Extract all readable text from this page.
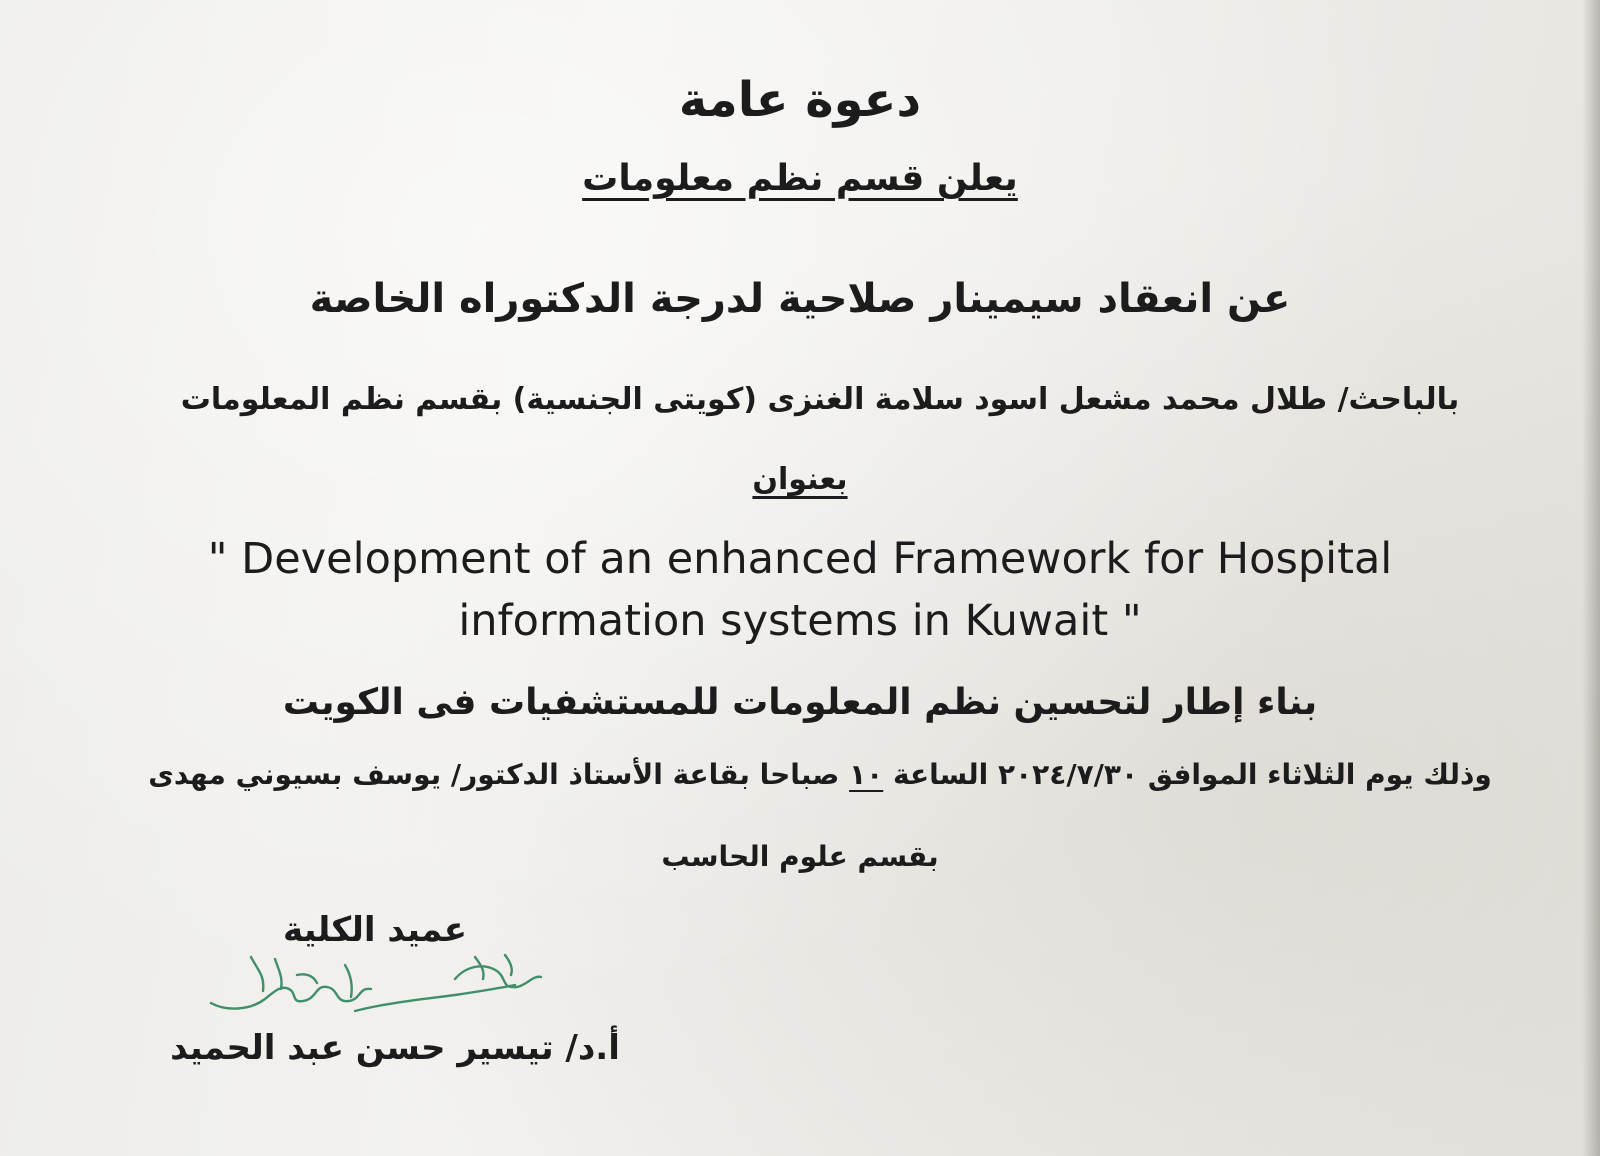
دعوة عامة
يعلن قسم نظم معلومات
عن انعقاد سيمينار صلاحية لدرجة الدكتوراه الخاصة
بالباحث/ طلال محمد مشعل اسود سلامة الغنزى (كويتى الجنسية) بقسم نظم المعلومات
بعنوان
" Development of an enhanced Framework for Hospital
information systems in Kuwait "
بناء إطار لتحسين نظم المعلومات للمستشفيات فى الكويت
وذلك يوم الثلاثاء الموافق ٢٠٢٤/٧/٣٠ الساعة ١٠ صباحا بقاعة الأستاذ الدكتور/ يوسف بسيوني مهدى
بقسم علوم الحاسب
عميد الكلية
أ.د/ تيسير حسن عبد الحميد
